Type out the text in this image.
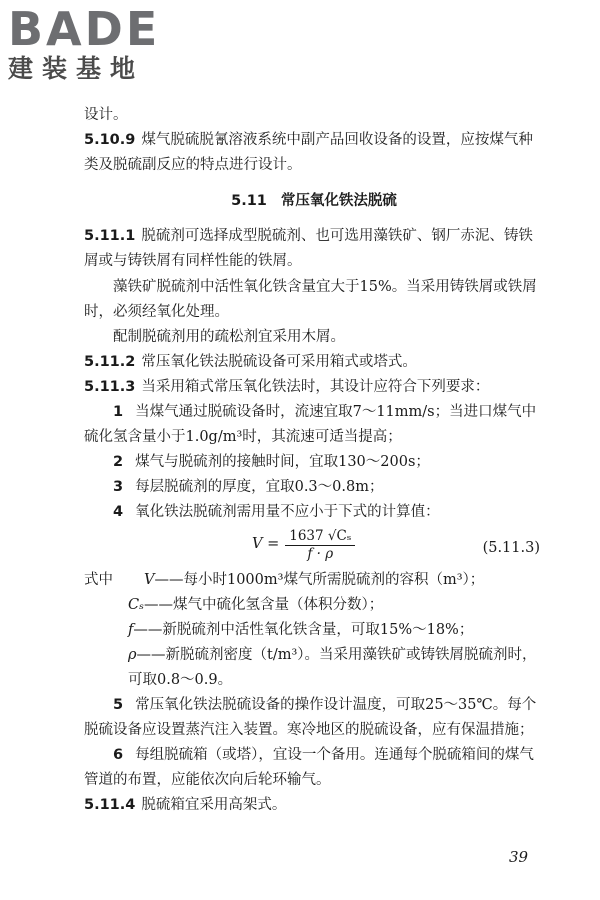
BADE
建装基地

设计。

5.10.9 煤气脱硫脱氰溶液系统中副产品回收设备的设置，应按煤气种类及脱硫副反应的特点进行设计。

5.11 常压氧化铁法脱硫

5.11.1 脱硫剂可选择成型脱硫剂、也可选用藻铁矿、钢厂赤泥、铸铁屑或与铸铁屑有同样性能的铁屑。

藻铁矿脱硫剂中活性氧化铁含量宜大于15%。当采用铸铁屑或铁屑时，必须经氧化处理。

配制脱硫剂用的疏松剂宜采用木屑。

5.11.2 常压氧化铁法脱硫设备可采用箱式或塔式。

5.11.3 当采用箱式常压氧化铁法时，其设计应符合下列要求：

1 当煤气通过脱硫设备时，流速宜取7～11mm/s；当进口煤气中硫化氢含量小于1.0g/m³时，其流速可适当提高；

2 煤气与脱硫剂的接触时间，宜取130～200s；

3 每层脱硫剂的厚度，宜取0.3～0.8m；

4 氧化铁法脱硫剂需用量不应小于下式的计算值：

$V = \frac{\text{1637 √Cₛ}}{f \cdot \rho}$	(5.11.3)
式中	V——每小时1000m³煤气所需脱硫剂的容积（m³）；
Cₛ——煤气中硫化氢含量（体积分数）；
f——新脱硫剂中活性氧化铁含量，可取15%～18%；
ρ——新脱硫剂密度（t/m³）。当采用藻铁矿或铸铁屑脱硫剂时，可取0.8～0.9。

5 常压氧化铁法脱硫设备的操作设计温度，可取25～35℃。每个脱硫设备应设置蒸汽注入装置。寒冷地区的脱硫设备，应有保温措施；

6 每组脱硫箱（或塔），宜设一个备用。连通每个脱硫箱间的煤气管道的布置，应能依次向后轮环输气。

5.11.4 脱硫箱宜采用高架式。

39
